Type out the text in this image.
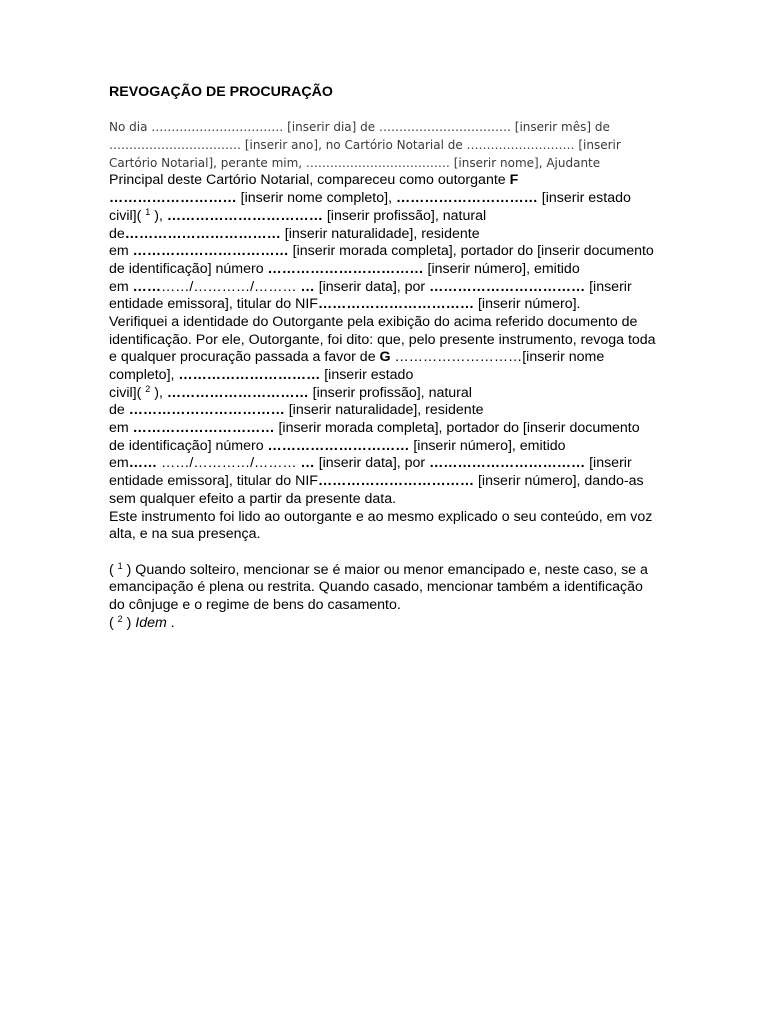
REVOGAÇÃO DE PROCURAÇÃO
No dia …………………………… [inserir dia] de …………………………… [inserir mês] de
…………………………… [inserir ano], no Cartório Notarial de ……………………… [inserir
Cartório Notarial], perante mim, ……………………………… [inserir nome], Ajudante
Principal deste Cartório Notarial, compareceu como outorgante F
……………………… [inserir nome completo], ………………………… [inserir estado
civil]( $^1$ ), …………………………… [inserir profissão], natural
de…………………………… [inserir naturalidade], residente
em …………………………… [inserir morada completa], portador do [inserir documento
de identificação] número …………………………… [inserir número], emitido
em …………/…………/……… … [inserir data], por …………………………… [inserir
entidade emissora], titular do NIF…………………………… [inserir número].
Verifiquei a identidade do Outorgante pela exibição do acima referido documento de
identificação. Por ele, Outorgante, foi dito: que, pelo presente instrumento, revoga toda
e qualquer procuração passada a favor de G ………………………[inserir nome
completo], ………………………… [inserir estado
civil]( $^2$ ), ………………………… [inserir profissão], natural
de …………………………… [inserir naturalidade], residente
em ………………………… [inserir morada completa], portador do [inserir documento
de identificação] número ………………………… [inserir número], emitido
em…… ……/…………/……… … [inserir data], por …………………………… [inserir
entidade emissora], titular do NIF…………………………… [inserir número], dando-as
sem qualquer efeito a partir da presente data.
Este instrumento foi lido ao outorgante e ao mesmo explicado o seu conteúdo, em voz
alta, e na sua presença.
( $^1$ ) Quando solteiro, mencionar se é maior ou menor emancipado e, neste caso, se a
emancipação é plena ou restrita. Quando casado, mencionar também a identificação
do cônjuge e o regime de bens do casamento.
( $^2$ ) Idem .
